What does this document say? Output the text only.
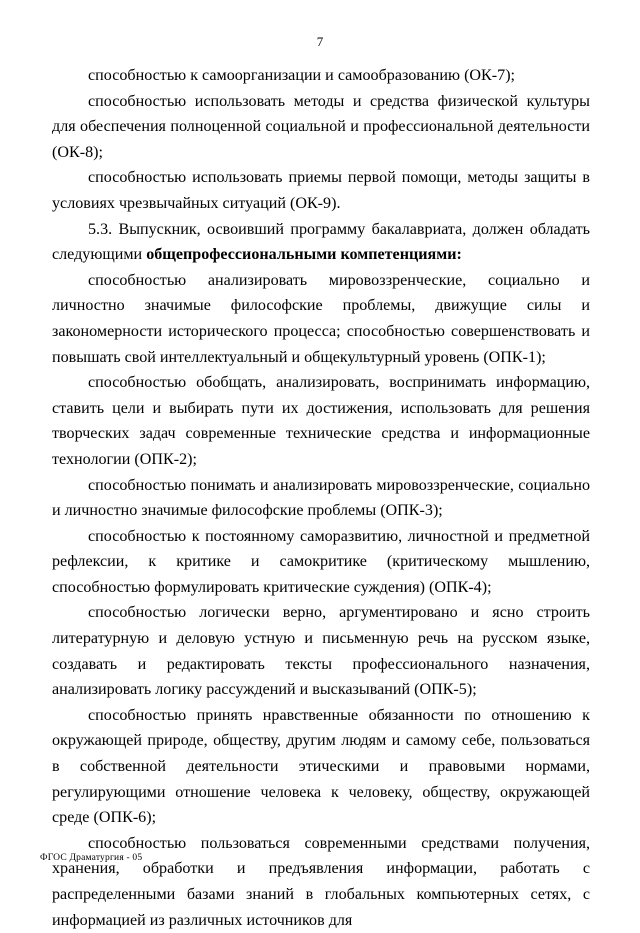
7

способностью к самоорганизации и самообразованию (ОК-7);

способностью использовать методы и средства физической культуры для обеспечения полноценной социальной и профессиональной деятельности (ОК-8);

способностью использовать приемы первой помощи, методы защиты в условиях чрезвычайных ситуаций (ОК-9).

5.3. Выпускник, освоивший программу бакалавриата, должен обладать следующими общепрофессиональными компетенциями:

способностью анализировать мировоззренческие, социально и личностно значимые философские проблемы, движущие силы и закономерности исторического процесса; способностью совершенствовать и повышать свой интеллектуальный и общекультурный уровень (ОПК-1);

способностью обобщать, анализировать, воспринимать информацию, ставить цели и выбирать пути их достижения, использовать для решения творческих задач современные технические средства и информационные технологии (ОПК-2);

способностью понимать и анализировать мировоззренческие, социально и личностно значимые философские проблемы (ОПК-3);

способностью к постоянному саморазвитию, личностной и предметной рефлексии, к критике и самокритике (критическому мышлению, способностью формулировать критические суждения) (ОПК-4);

способностью логически верно, аргументировано и ясно строить литературную и деловую устную и письменную речь на русском языке, создавать и редактировать тексты профессионального назначения, анализировать логику рассуждений и высказываний (ОПК-5);

способностью принять нравственные обязанности по отношению к окружающей природе, обществу, другим людям и самому себе, пользоваться в собственной деятельности этическими и правовыми нормами, регулирующими отношение человека к человеку, обществу, окружающей среде (ОПК-6);

способностью пользоваться современными средствами получения, хранения, обработки и предъявления информации, работать с распределенными базами знаний в глобальных компьютерных сетях, с информацией из различных источников для

ФГОС Драматургия - 05
